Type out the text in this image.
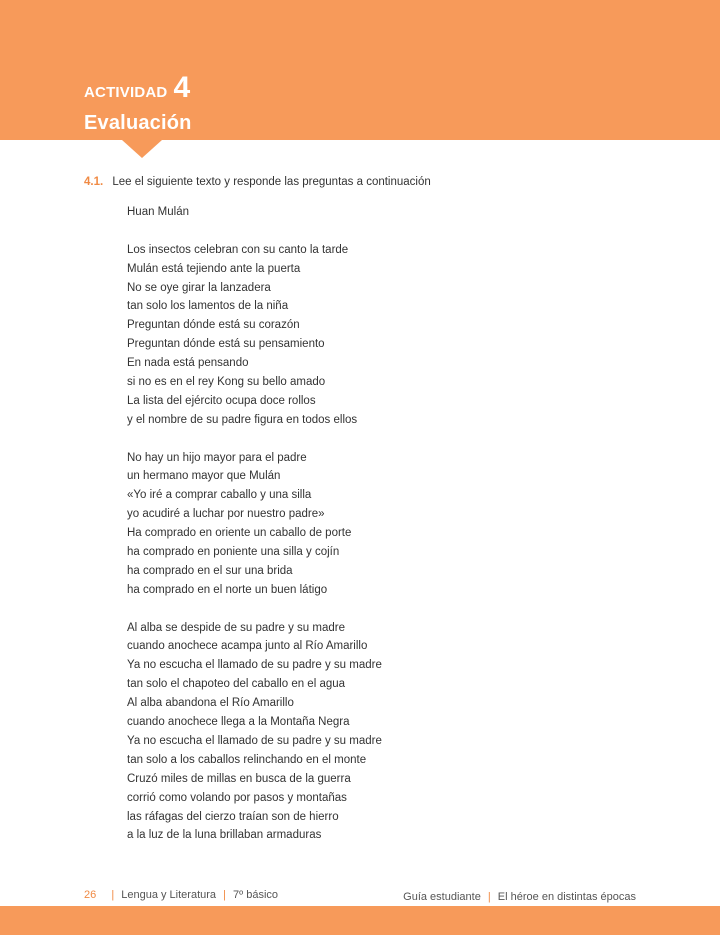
ACTIVIDAD 4
Evaluación
4.1. Lee el siguiente texto y responde las preguntas a continuación
Huan Mulán
Los insectos celebran con su canto la tarde
Mulán está tejiendo ante la puerta
No se oye girar la lanzadera
tan solo los lamentos de la niña
Preguntan dónde está su corazón
Preguntan dónde está su pensamiento
En nada está pensando
si no es en el rey Kong su bello amado
La lista del ejército ocupa doce rollos
y el nombre de su padre figura en todos ellos
No hay un hijo mayor para el padre
un hermano mayor que Mulán
«Yo iré a comprar caballo y una silla
yo acudiré a luchar por nuestro padre»
Ha comprado en oriente un caballo de porte
ha comprado en poniente una silla y cojín
ha comprado en el sur una brida
ha comprado en el norte un buen látigo
Al alba se despide de su padre y su madre
cuando anochece acampa junto al Río Amarillo
Ya no escucha el llamado de su padre y su madre
tan solo el chapoteo del caballo en el agua
Al alba abandona el Río Amarillo
cuando anochece llega a la Montaña Negra
Ya no escucha el llamado de su padre y su madre
tan solo a los caballos relinchando en el monte
Cruzó miles de millas en busca de la guerra
corrió como volando por pasos y montañas
las ráfagas del cierzo traían son de hierro
a la luz de la luna brillaban armaduras
26 | Lengua y Literatura | 7º básico	Guía estudiante | El héroe en distintas épocas
